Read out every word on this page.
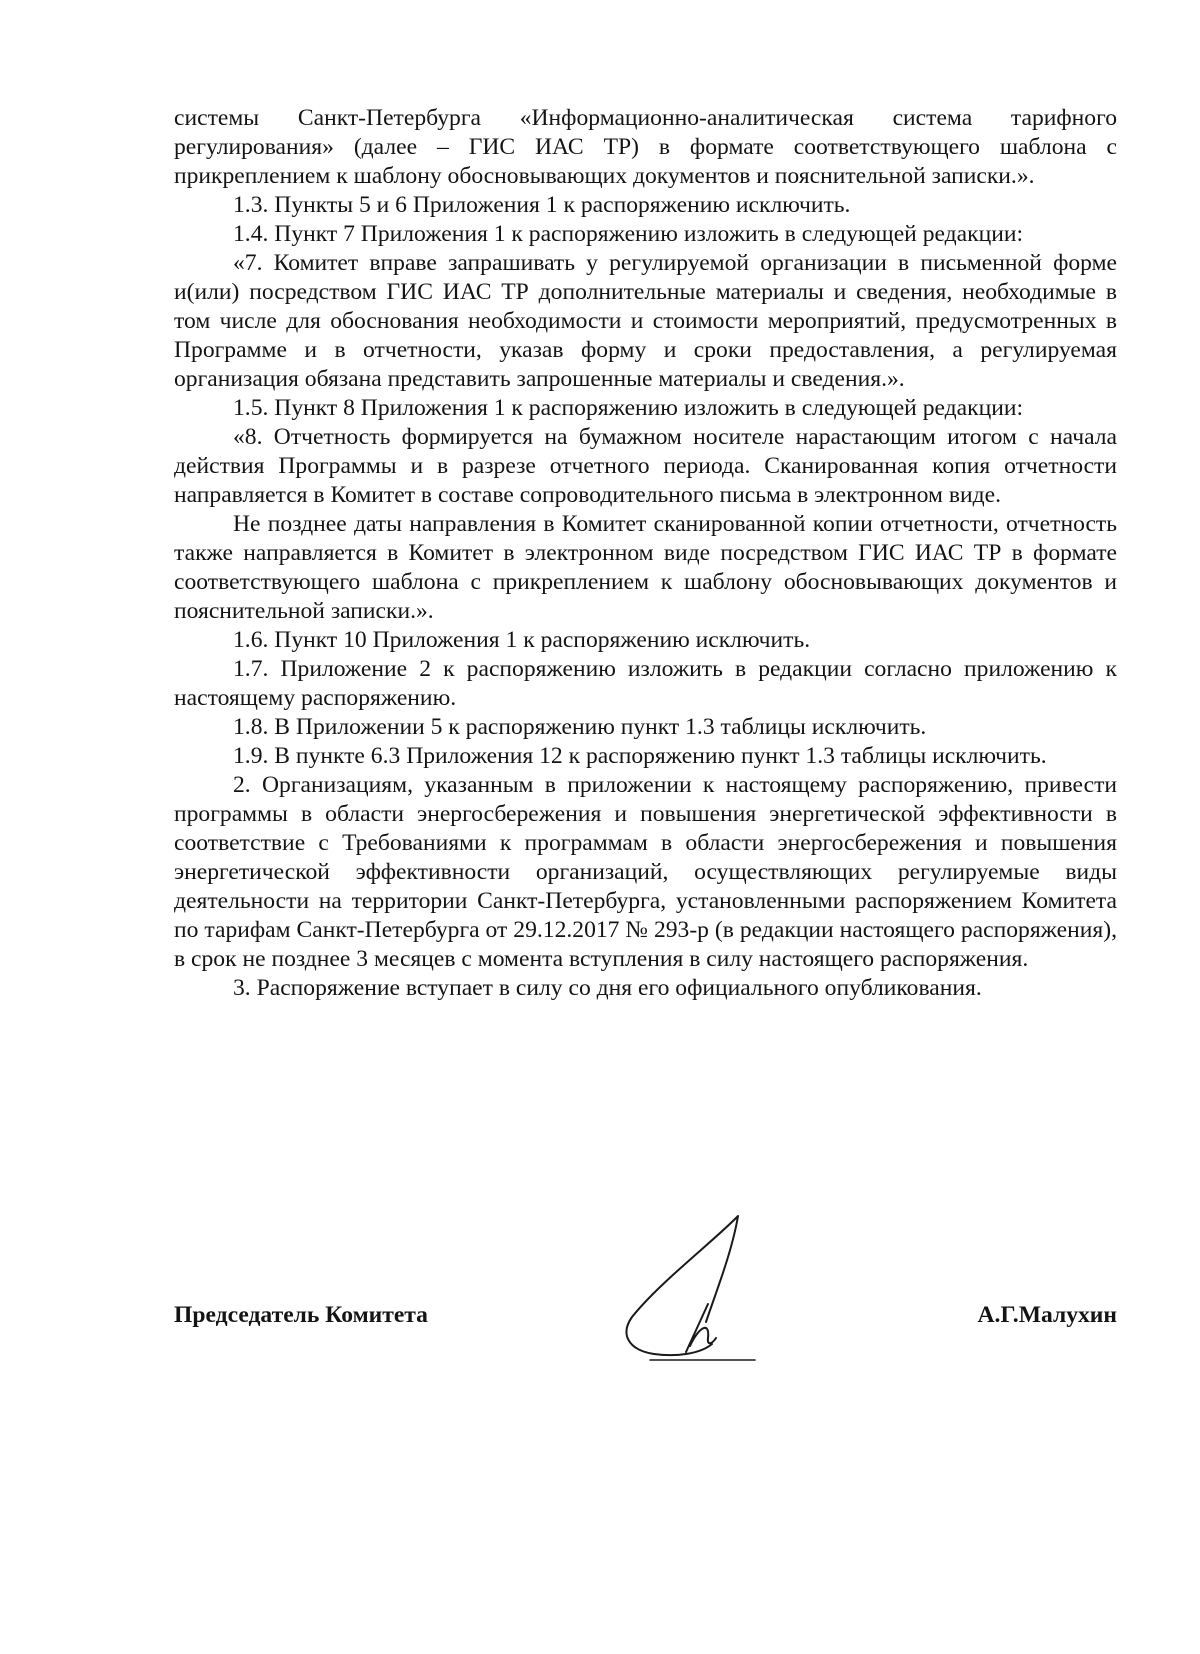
системы Санкт-Петербурга «Информационно-аналитическая система тарифного регулирования» (далее – ГИС ИАС ТР) в формате соответствующего шаблона с прикреплением к шаблону обосновывающих документов и пояснительной записки.».

1.3. Пункты 5 и 6 Приложения 1 к распоряжению исключить.

1.4. Пункт 7 Приложения 1 к распоряжению изложить в следующей редакции:

«7. Комитет вправе запрашивать у регулируемой организации в письменной форме и(или) посредством ГИС ИАС ТР дополнительные материалы и сведения, необходимые в том числе для обоснования необходимости и стоимости мероприятий, предусмотренных в Программе и в отчетности, указав форму и сроки предоставления, а регулируемая организация обязана представить запрошенные материалы и сведения.».

1.5. Пункт 8 Приложения 1 к распоряжению изложить в следующей редакции:

«8. Отчетность формируется на бумажном носителе нарастающим итогом с начала действия Программы и в разрезе отчетного периода. Сканированная копия отчетности направляется в Комитет в составе сопроводительного письма в электронном виде.

Не позднее даты направления в Комитет сканированной копии отчетности, отчетность также направляется в Комитет в электронном виде посредством ГИС ИАС ТР в формате соответствующего шаблона с прикреплением к шаблону обосновывающих документов и пояснительной записки.».

1.6. Пункт 10 Приложения 1 к распоряжению исключить.

1.7. Приложение 2 к распоряжению изложить в редакции согласно приложению к настоящему распоряжению.

1.8. В Приложении 5 к распоряжению пункт 1.3 таблицы исключить.

1.9. В пункте 6.3 Приложения 12 к распоряжению пункт 1.3 таблицы исключить.

2. Организациям, указанным в приложении к настоящему распоряжению, привести программы в области энергосбережения и повышения энергетической эффективности в соответствие с Требованиями к программам в области энергосбережения и повышения энергетической эффективности организаций, осуществляющих регулируемые виды деятельности на территории Санкт-Петербурга, установленными распоряжением Комитета по тарифам Санкт-Петербурга от 29.12.2017 № 293-р (в редакции настоящего распоряжения), в срок не позднее 3 месяцев с момента вступления в силу настоящего распоряжения.

3. Распоряжение вступает в силу со дня его официального опубликования.

Председатель Комитета	А.Г.Малухин
